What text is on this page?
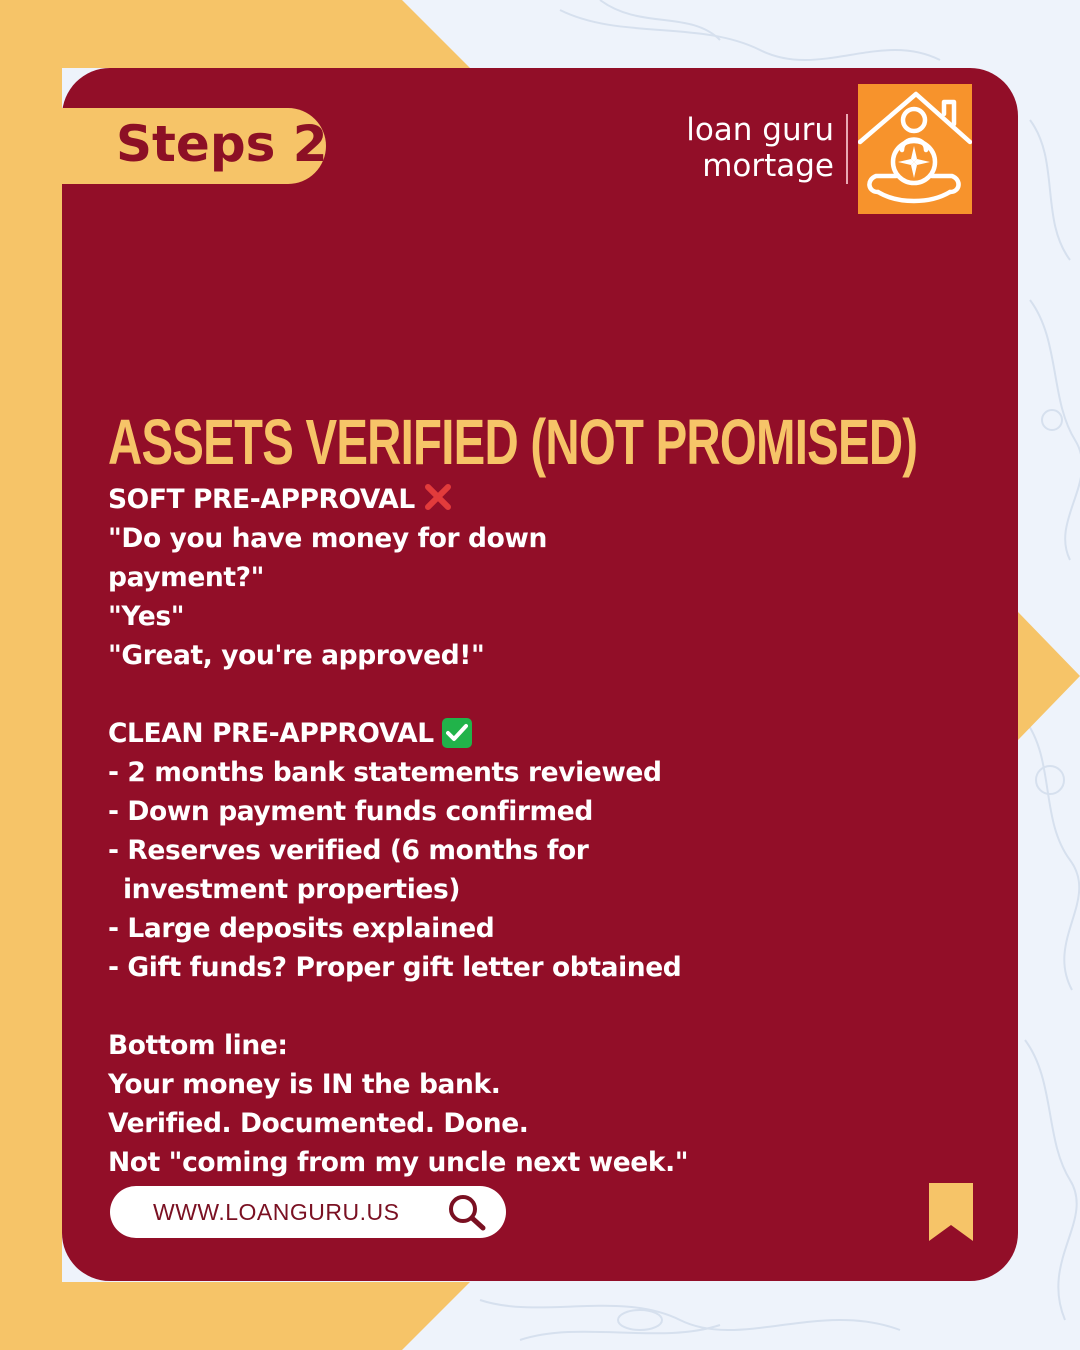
Steps 2	loan guru
mortage
ASSETS VERIFIED (NOT PROMISED)
SOFT PRE-APPROVAL
"Do you have money for down
payment?"
"Yes"
"Great, you're approved!"
CLEAN PRE-APPROVAL
- 2 months bank statements reviewed
- Down payment funds confirmed
- Reserves verified (6 months for
investment properties)
- Large deposits explained
- Gift funds? Proper gift letter obtained
Bottom line:
Your money is IN the bank.
Verified. Documented. Done.
Not "coming from my uncle next week."
WWW.LOANGURU.US
